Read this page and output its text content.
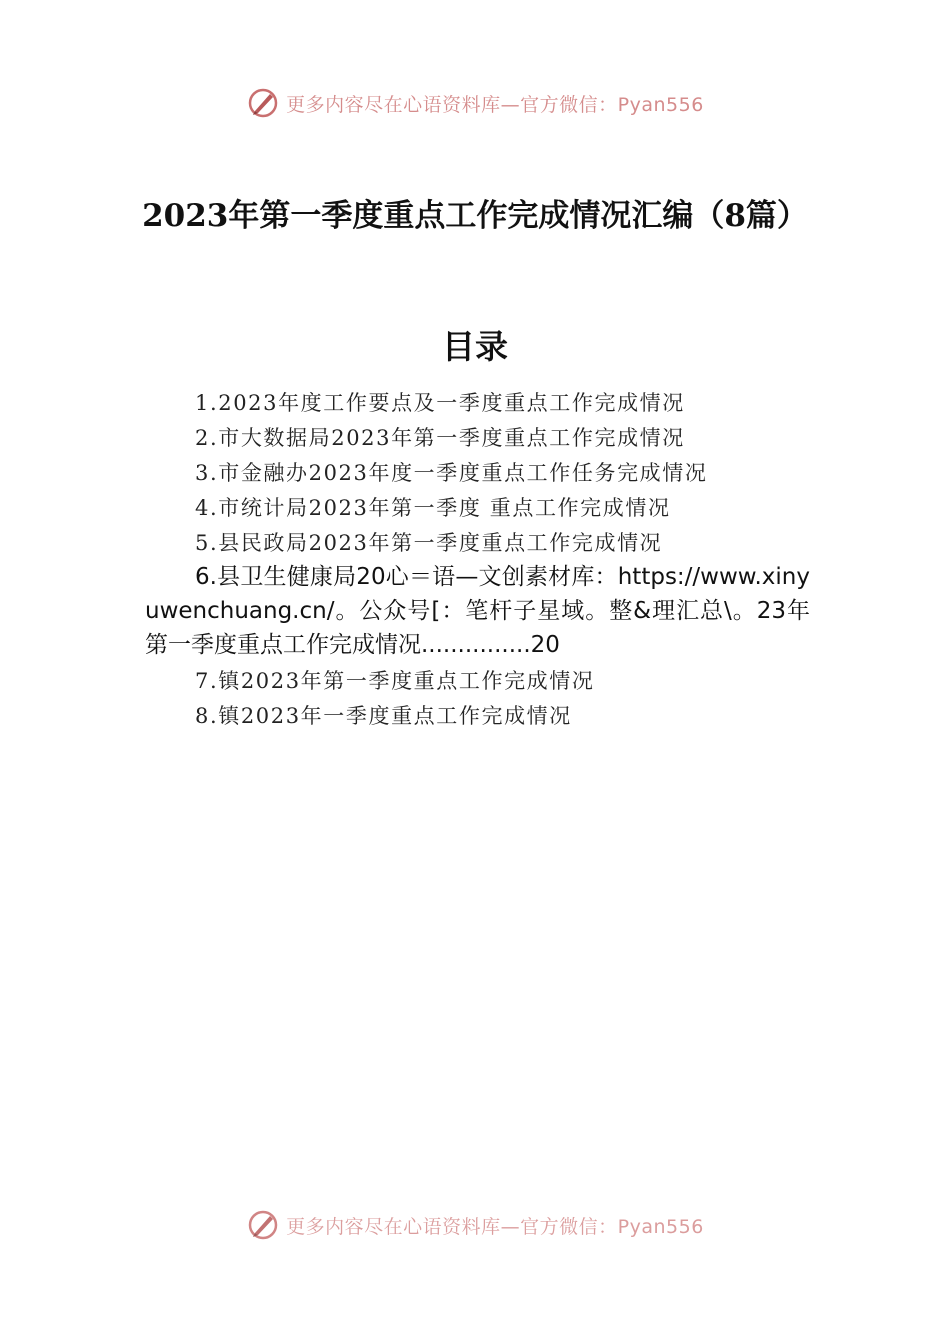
更多内容尽在心语资料库—官方微信：Pyan556
2023年第一季度重点工作完成情况汇编（8篇）
目录
1.2023年度工作要点及一季度重点工作完成情况
2.市大数据局2023年第一季度重点工作完成情况
3.市金融办2023年度一季度重点工作任务完成情况
4.市统计局2023年第一季度 重点工作完成情况
5.县民政局2023年第一季度重点工作完成情况

6.县卫生健康局20心＝语—文创素材库：https://www.xinyuwenchuang.cn/。公众号[：笔杆子星域。整&理汇总\。23年第一季度重点工作完成情况...............20

7.镇2023年第一季度重点工作完成情况
8.镇2023年一季度重点工作完成情况
更多内容尽在心语资料库—官方微信：Pyan556
